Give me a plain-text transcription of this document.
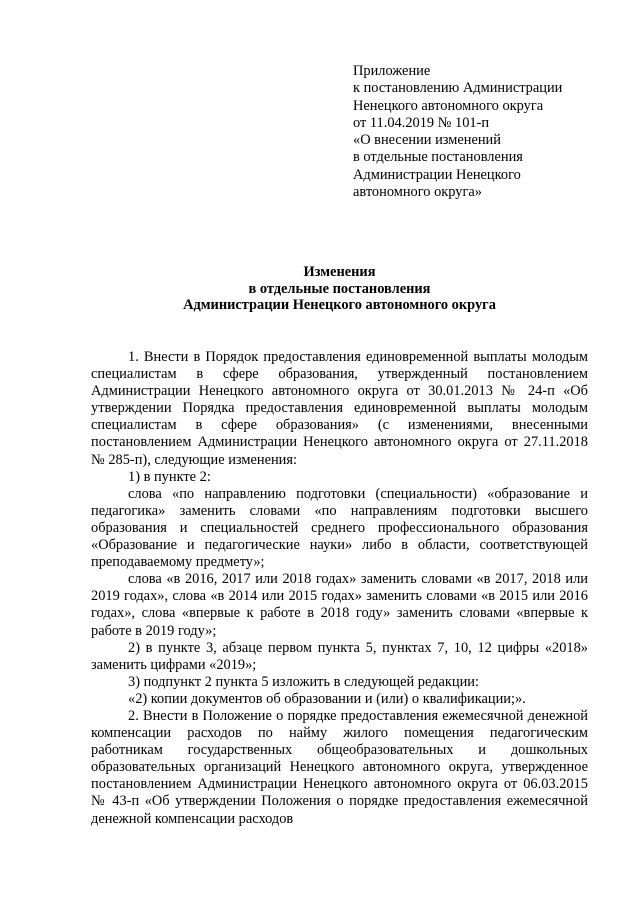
Приложение
к постановлению Администрации
Ненецкого автономного округа
от 11.04.2019 № 101-п
«О внесении изменений
в отдельные постановления
Администрации Ненецкого
автономного округа»
Изменения
в отдельные постановления
Администрации Ненецкого автономного округа

1. Внести в Порядок предоставления единовременной выплаты молодым специалистам в сфере образования, утвержденный постановлением Администрации Ненецкого автономного округа от 30.01.2013 № 24-п «Об утверждении Порядка предоставления единовременной выплаты молодым специалистам в сфере образования» (с изменениями, внесенными постановлением Администрации Ненецкого автономного округа от 27.11.2018 № 285-п), следующие изменения:

1) в пункте 2:

слова «по направлению подготовки (специальности) «образование и педагогика» заменить словами «по направлениям подготовки высшего образования и специальностей среднего профессионального образования «Образование и педагогические науки» либо в области, соответствующей преподаваемому предмету»;

слова «в 2016, 2017 или 2018 годах» заменить словами «в 2017, 2018 или 2019 годах», слова «в 2014 или 2015 годах» заменить словами «в 2015 или 2016 годах», слова «впервые к работе в 2018 году» заменить словами «впервые к работе в 2019 году»;

2) в пункте 3, абзаце первом пункта 5, пунктах 7, 10, 12 цифры «2018» заменить цифрами «2019»;

3) подпункт 2 пункта 5 изложить в следующей редакции:

«2) копии документов об образовании и (или) о квалификации;».

2. Внести в Положение о порядке предоставления ежемесячной денежной компенсации расходов по найму жилого помещения педагогическим работникам государственных общеобразовательных и дошкольных образовательных организаций Ненецкого автономного округа, утвержденное постановлением Администрации Ненецкого автономного округа от 06.03.2015 № 43-п «Об утверждении Положения о порядке предоставления ежемесячной денежной компенсации расходов
